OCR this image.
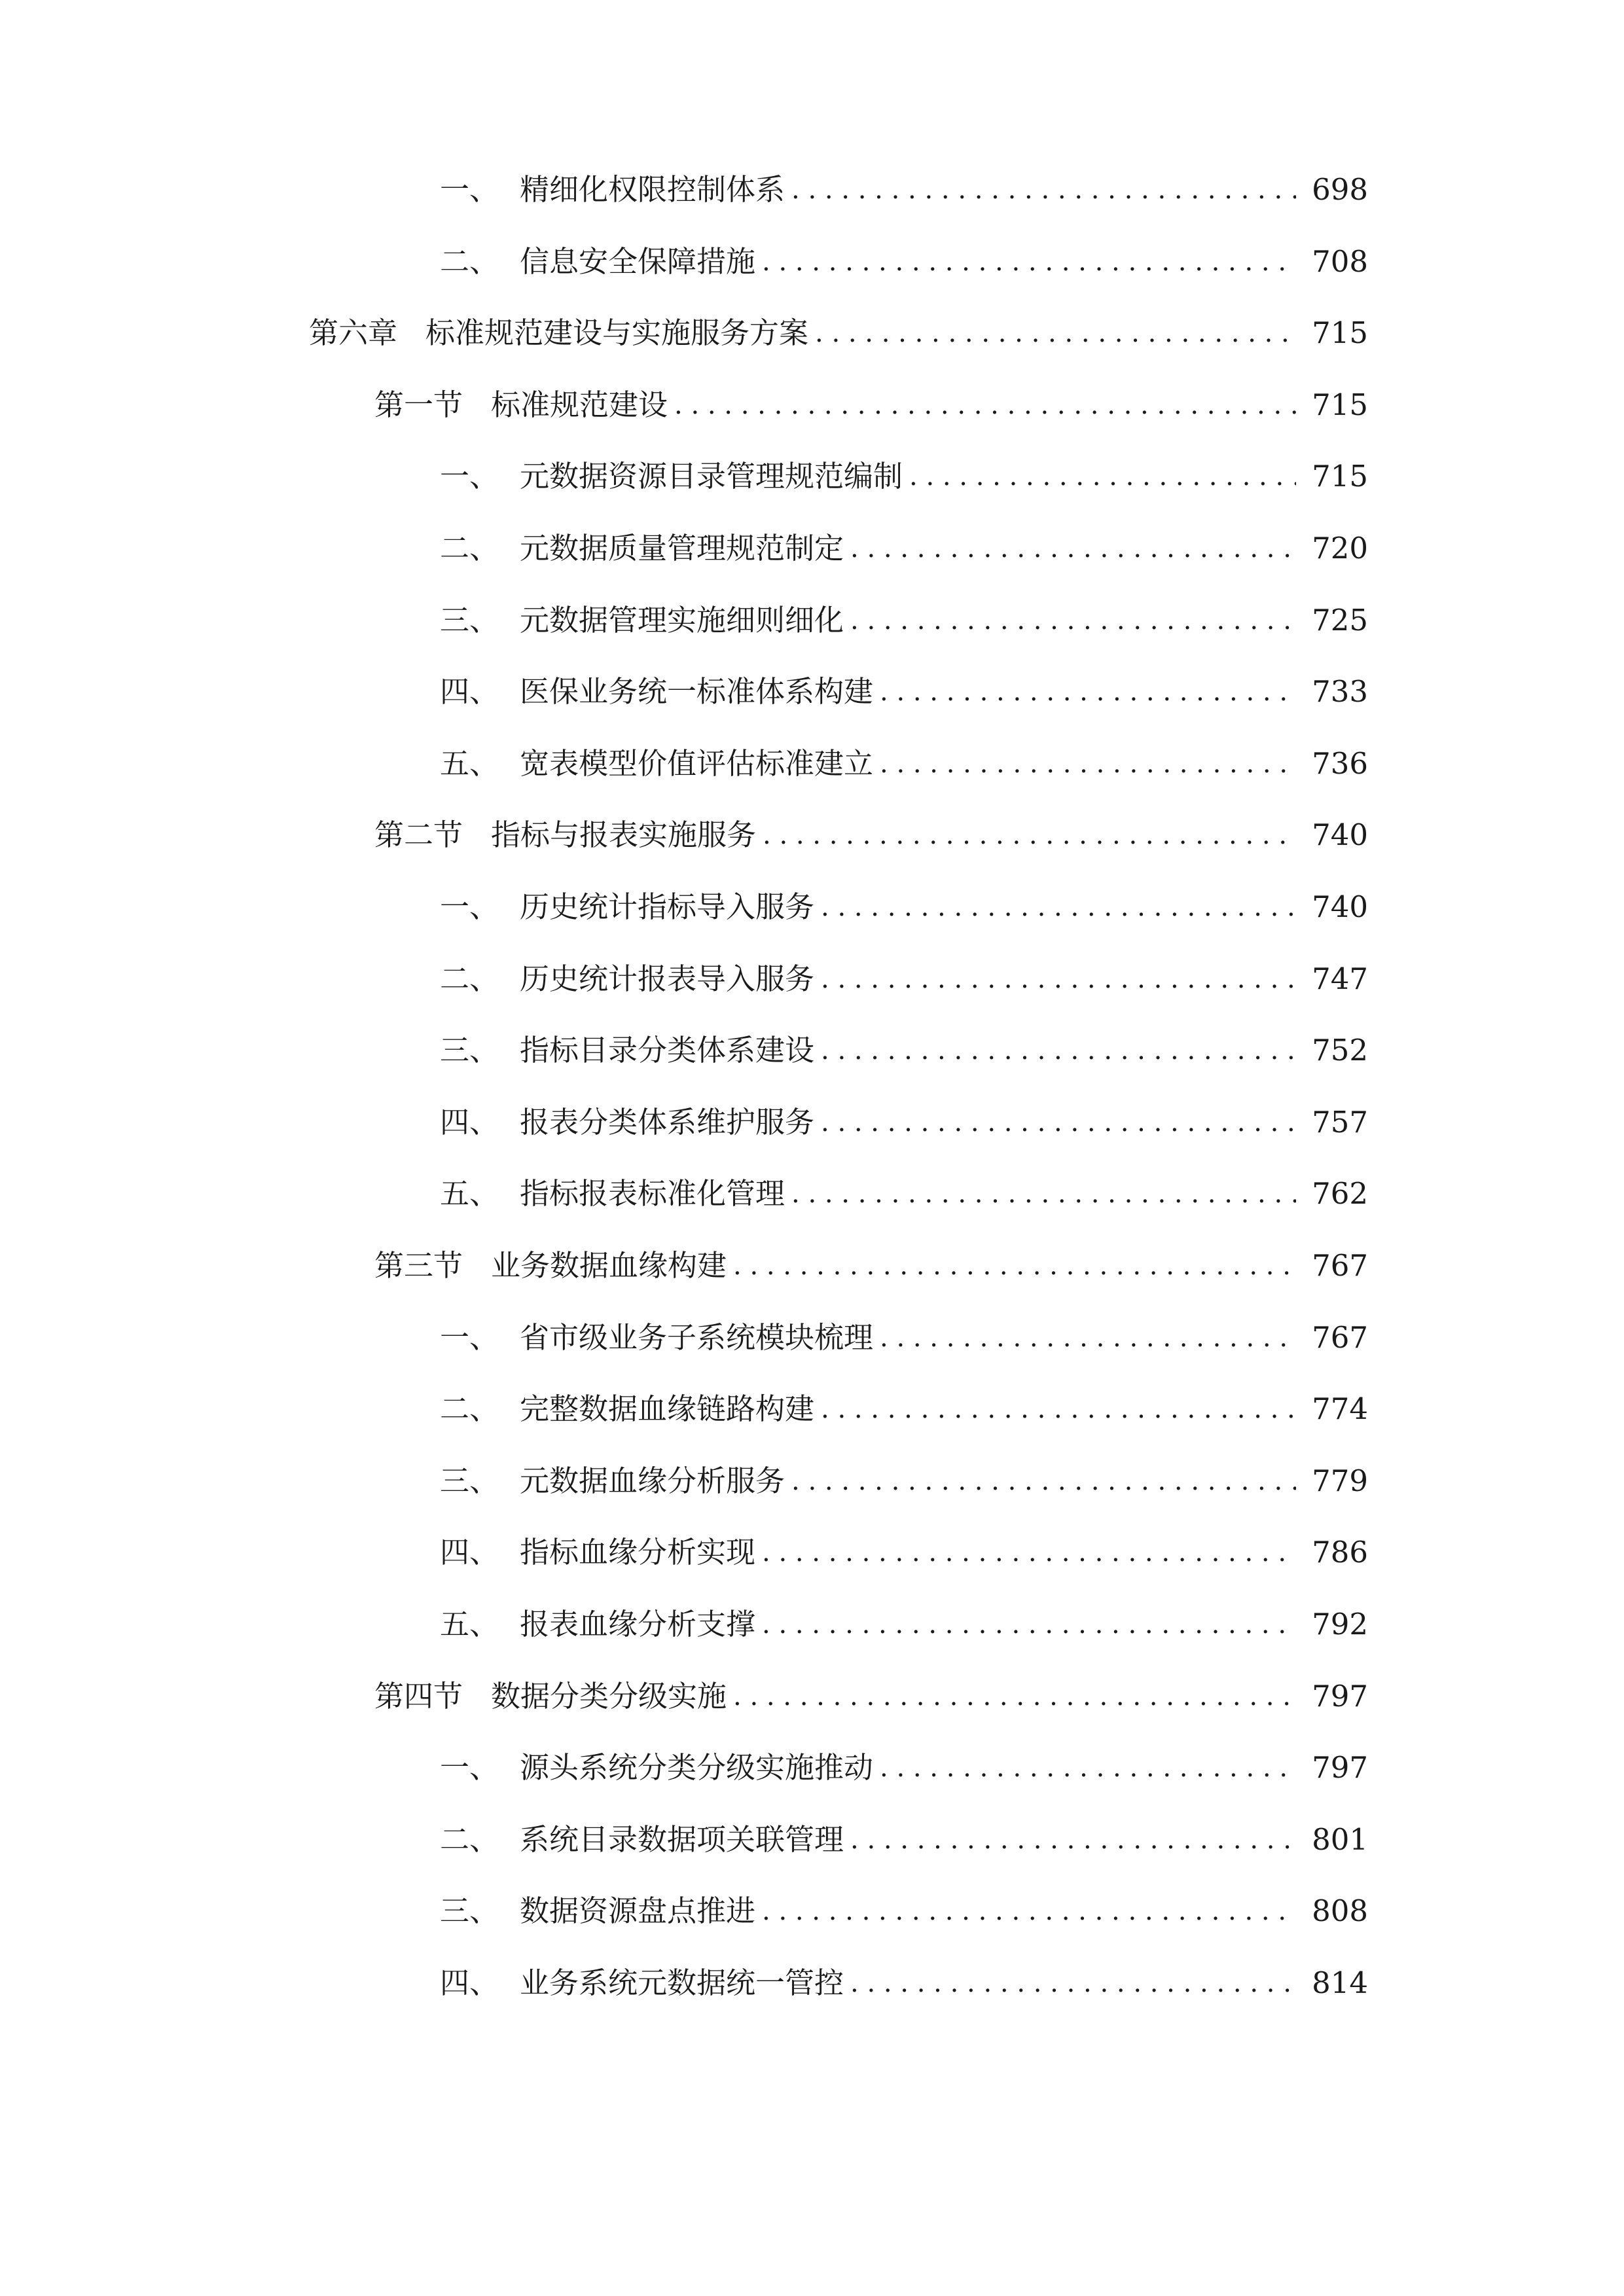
一、 精细化权限控制体系 . . .	698
二、 信息安全保障措施 . . .	708
第六章 标准规范建设与实施服务方案 . . .	715
第一节 标准规范建设 . . .	715
一、 元数据资源目录管理规范编制 . . .	715
二、 元数据质量管理规范制定 . . .	720
三、 元数据管理实施细则细化 . . .	725
四、 医保业务统一标准体系构建 . . .	733
五、 宽表模型价值评估标准建立 . . .	736
第二节 指标与报表实施服务 . . .	740
一、 历史统计指标导入服务 . . .	740
二、 历史统计报表导入服务 . . .	747
三、 指标目录分类体系建设 . . .	752
四、 报表分类体系维护服务 . . .	757
五、 指标报表标准化管理 . . .	762
第三节 业务数据血缘构建 . . .	767
一、 省市级业务子系统模块梳理 . . .	767
二、 完整数据血缘链路构建 . . .	774
三、 元数据血缘分析服务 . . .	779
四、 指标血缘分析实现 . . .	786
五、 报表血缘分析支撑 . . .	792
第四节 数据分类分级实施 . . .	797
一、 源头系统分类分级实施推动 . . .	797
二、 系统目录数据项关联管理 . . .	801
三、 数据资源盘点推进 . . .	808
四、 业务系统元数据统一管控 . . .	814
